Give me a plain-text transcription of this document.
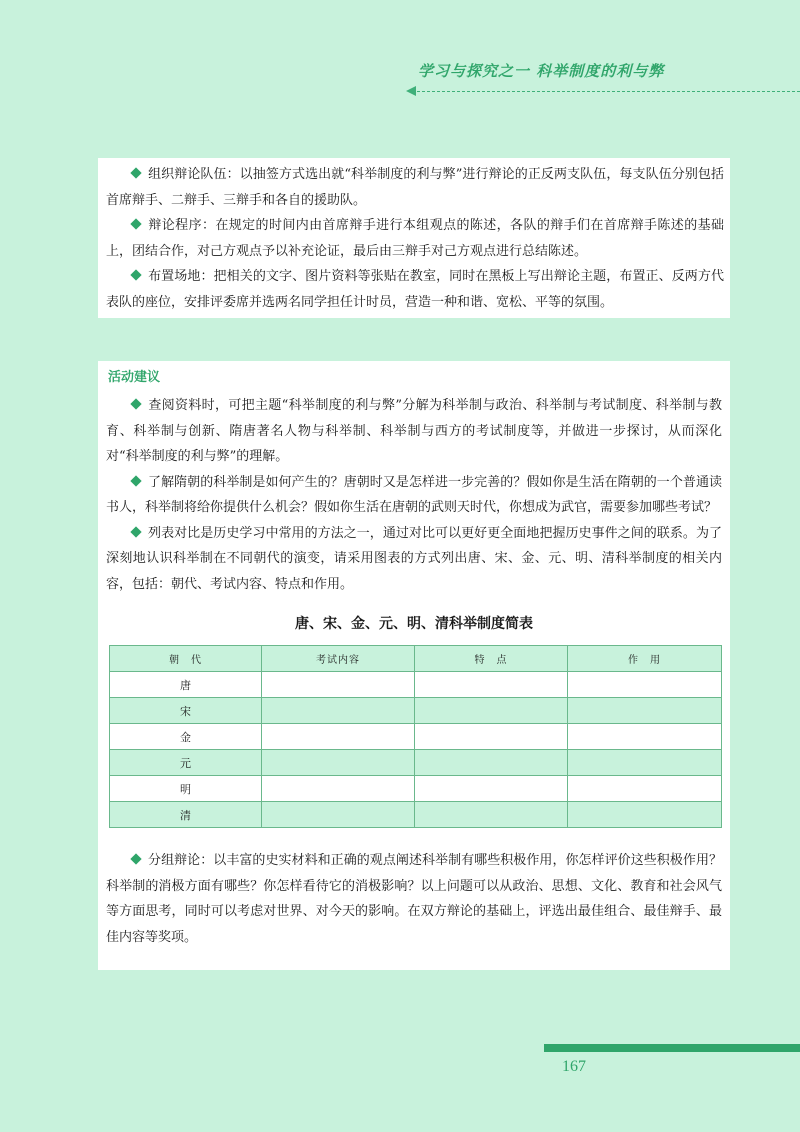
学习与探究之一 科举制度的利与弊

组织辩论队伍：以抽签方式选出就“科举制度的利与弊”进行辩论的正反两支队伍，每支队伍分别包括首席辩手、二辩手、三辩手和各自的援助队。

辩论程序：在规定的时间内由首席辩手进行本组观点的陈述，各队的辩手们在首席辩手陈述的基础上，团结合作，对己方观点予以补充论证，最后由三辩手对己方观点进行总结陈述。

布置场地：把相关的文字、图片资料等张贴在教室，同时在黑板上写出辩论主题，布置正、反两方代表队的座位，安排评委席并选两名同学担任计时员，营造一种和谐、宽松、平等的氛围。

活动建议

查阅资料时，可把主题“科举制度的利与弊”分解为科举制与政治、科举制与考试制度、科举制与教育、科举制与创新、隋唐著名人物与科举制、科举制与西方的考试制度等，并做进一步探讨，从而深化对“科举制度的利与弊”的理解。

了解隋朝的科举制是如何产生的？唐朝时又是怎样进一步完善的？假如你是生活在隋朝的一个普通读书人，科举制将给你提供什么机会？假如你生活在唐朝的武则天时代，你想成为武官，需要参加哪些考试？

列表对比是历史学习中常用的方法之一，通过对比可以更好更全面地把握历史事件之间的联系。为了深刻地认识科举制在不同朝代的演变，请采用图表的方式列出唐、宋、金、元、明、清科举制度的相关内容，包括：朝代、考试内容、特点和作用。

唐、宋、金、元、明、清科举制度简表
朝　代	考试内容	特　点	作　用
唐			
宋			
金			
元			
明			
清			

分组辩论：以丰富的史实材料和正确的观点阐述科举制有哪些积极作用，你怎样评价这些积极作用？科举制的消极方面有哪些？你怎样看待它的消极影响？以上问题可以从政治、思想、文化、教育和社会风气等方面思考，同时可以考虑对世界、对今天的影响。在双方辩论的基础上，评选出最佳组合、最佳辩手、最佳内容等奖项。

167
